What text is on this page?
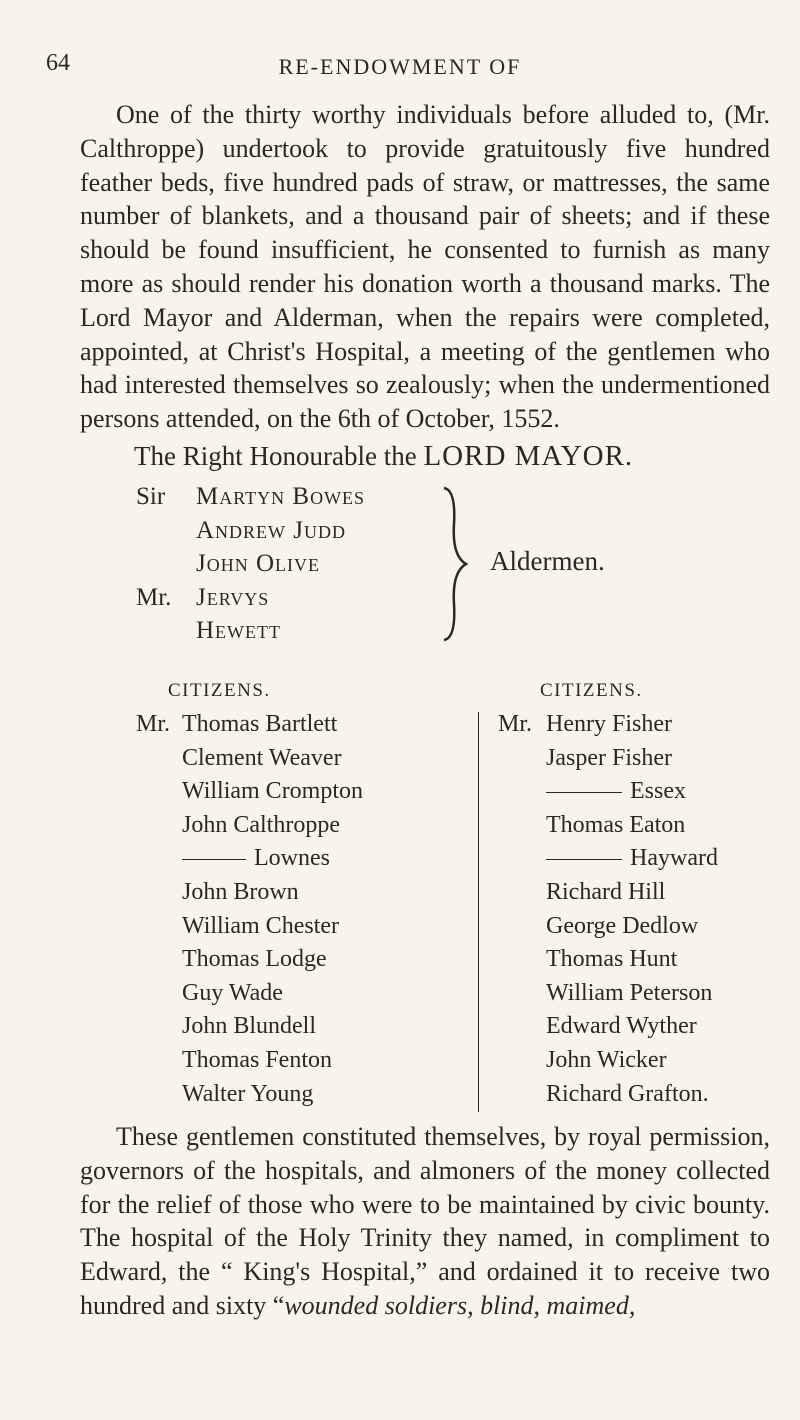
64	RE-ENDOWMENT OF

One of the thirty worthy individuals before alluded to, (Mr. Calthroppe) undertook to provide gratuitously five hundred feather beds, five hundred pads of straw, or mattresses, the same number of blankets, and a thousand pair of sheets; and if these should be found insufficient, he consented to furnish as many more as should render his donation worth a thousand marks. The Lord Mayor and Alderman, when the repairs were completed, appointed, at Christ's Hospital, a meeting of the gentlemen who had interested themselves so zealously; when the undermentioned persons attended, on the 6th of October, 1552.

The Right Honourable the LORD MAYOR.
Sir Martyn Bowes
Andrew Judd
John Olive
Mr. Jervys
Hewett
Aldermen.
CITIZENS.	CITIZENS.
Mr. Thomas Bartlett
Clement Weaver
William Crompton
John Calthroppe
Lownes
John Brown
William Chester
Thomas Lodge
Guy Wade
John Blundell
Thomas Fenton
Walter Young
Mr. Henry Fisher
Jasper Fisher
Essex
Thomas Eaton
Hayward
Richard Hill
George Dedlow
Thomas Hunt
William Peterson
Edward Wyther
John Wicker
Richard Grafton.

These gentlemen constituted themselves, by royal permission, governors of the hospitals, and almoners of the money collected for the relief of those who were to be maintained by civic bounty. The hospital of the Holy Trinity they named, in compliment to Edward, the “ King's Hospital,” and ordained it to receive two hundred and sixty “wounded soldiers, blind, maimed,
